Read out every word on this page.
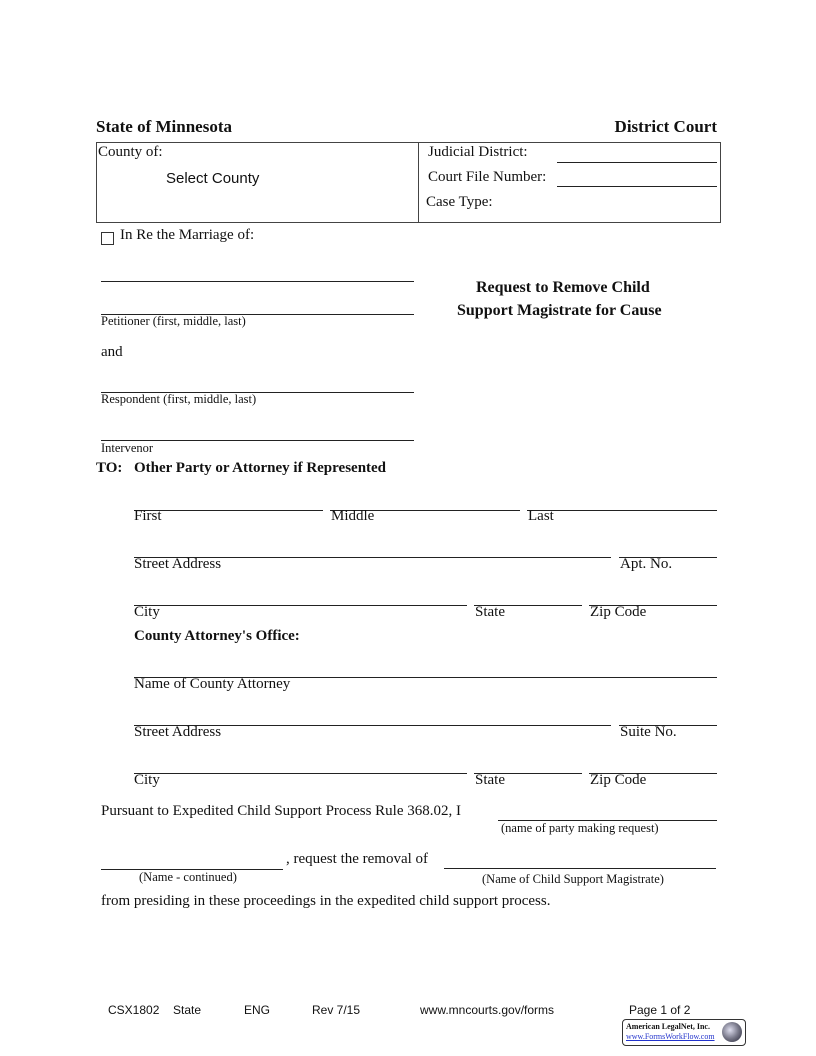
State of Minnesota	District Court
County of:
Select County
Judicial District:
Court File Number:
Case Type:
In Re the Marriage of:
Petitioner (first, middle, last)
and
Respondent (first, middle, last)
Intervenor
Request to Remove Child
Support Magistrate for Cause
TO: Other Party or Attorney if Represented
First	Middle	Last
Street Address	Apt. No.
City	State	Zip Code
County Attorney's Office:
Name of County Attorney
Street Address	Suite No.
City	State	Zip Code
Pursuant to Expedited Child Support Process Rule 368.02, I
(name of party making request)
(Name - continued)
, request the removal of
(Name of Child Support Magistrate)
from presiding in these proceedings in the expedited child support process.
CSX1802 State	ENG	Rev 7/15	www.mncourts.gov/forms	Page 1 of 2
American LegalNet, Inc.
www.FormsWorkFlow.com
